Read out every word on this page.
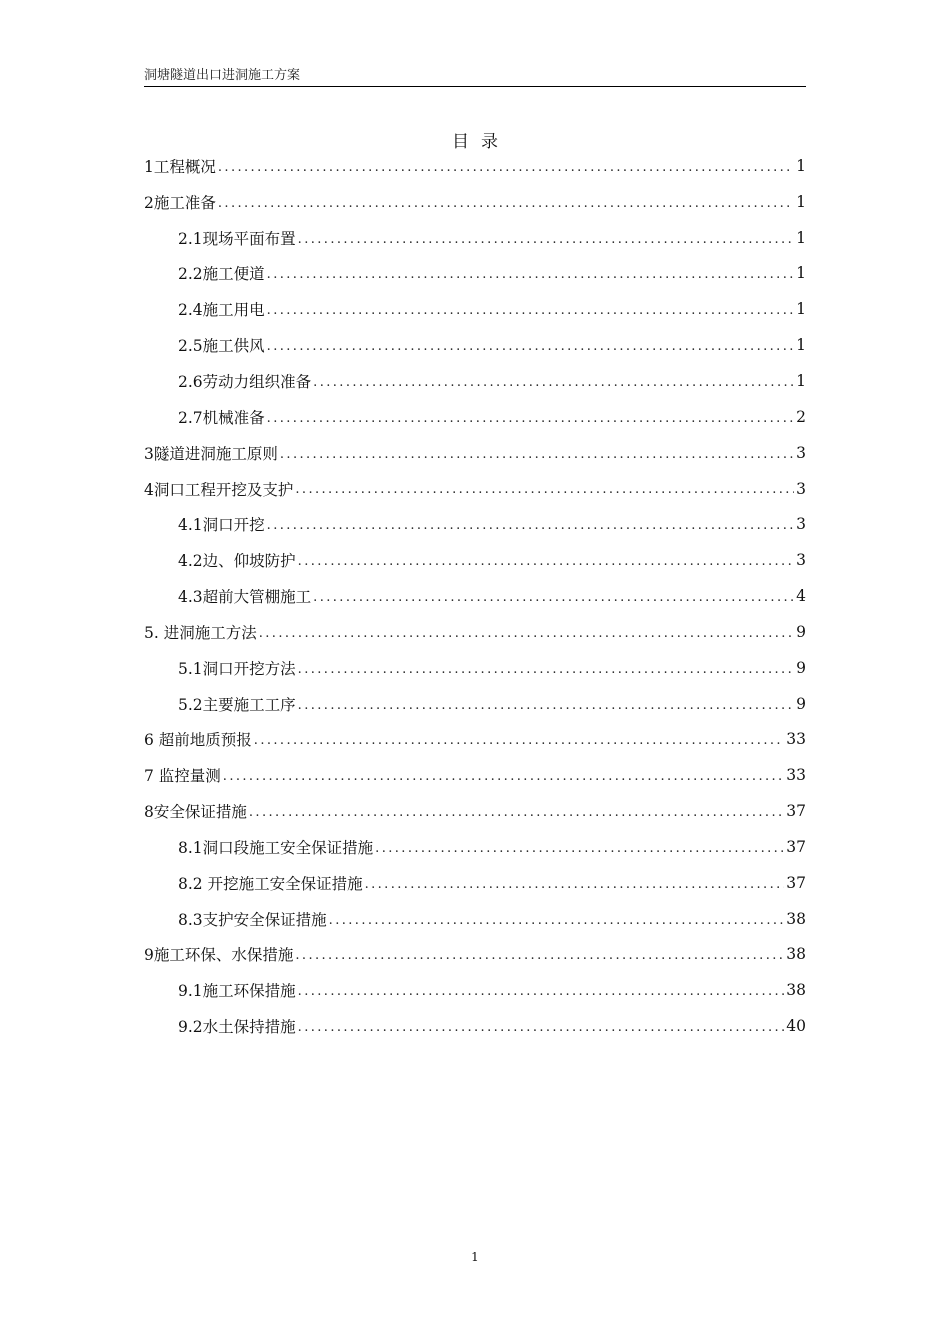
洞塘隧道出口进洞施工方案
目录
1工程概况 .....	1
2施工准备 .....	1
2.1现场平面布置 .....	1
2.2施工便道 .....	1
2.4施工用电 .....	1
2.5施工供风 .....	1
2.6劳动力组织准备 .....	1
2.7机械准备 .....	2
3隧道进洞施工原则 .....	3
4洞口工程开挖及支护 .....	3
4.1洞口开挖 .....	3
4.2边、仰坡防护 .....	3
4.3超前大管棚施工 .....	4
5. 进洞施工方法 .....	9
5.1洞口开挖方法 .....	9
5.2主要施工工序 .....	9
6 超前地质预报 .....	33
7 监控量测 .....	33
8安全保证措施 .....	37
8.1洞口段施工安全保证措施 .....	37
8.2 开挖施工安全保证措施 .....	37
8.3支护安全保证措施 .....	38
9施工环保、水保措施 .....	38
9.1施工环保措施 .....	38
9.2水土保持措施 .....	40
1
